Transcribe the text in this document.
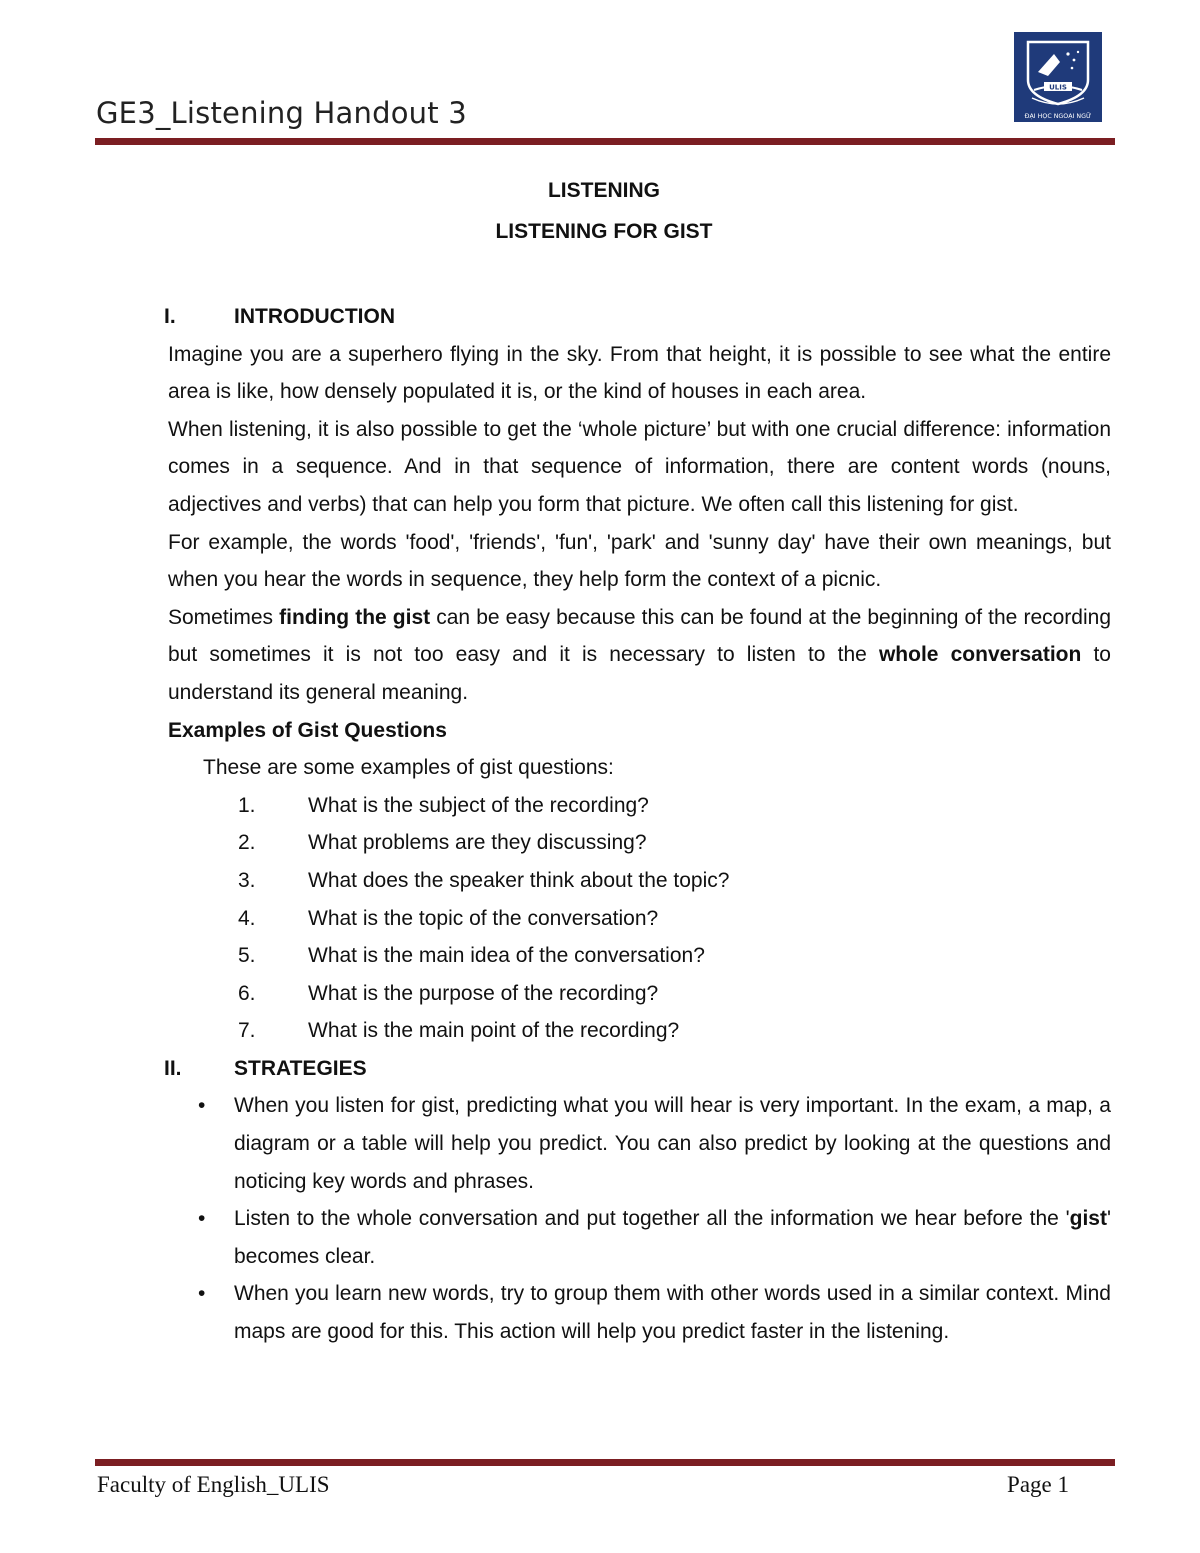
GE3_Listening Handout 3
ULIS
ĐẠI HỌC NGOẠI NGỮ
LISTENING
LISTENING FOR GIST
I.	INTRODUCTION

Imagine you are a superhero flying in the sky. From that height, it is possible to see what the entire area is like, how densely populated it is, or the kind of houses in each area.

When listening, it is also possible to get the ‘whole picture’ but with one crucial difference: information comes in a sequence. And in that sequence of information, there are content words (nouns, adjectives and verbs) that can help you form that picture. We often call this listening for gist.

For example, the words 'food', 'friends', 'fun', 'park' and 'sunny day' have their own meanings, but when you hear the words in sequence, they help form the context of a picnic.

Sometimes finding the gist can be easy because this can be found at the beginning of the recording but sometimes it is not too easy and it is necessary to listen to the whole conversation to understand its general meaning.

Examples of Gist Questions
These are some examples of gist questions:
1.	What is the subject of the recording?
2.	What problems are they discussing?
3.	What does the speaker think about the topic?
4.	What is the topic of the conversation?
5.	What is the main idea of the conversation?
6.	What is the purpose of the recording?
7.	What is the main point of the recording?
II. STRATEGIES
• When you listen for gist, predicting what you will hear is very important. In the exam, a map, a diagram or a table will help you predict. You can also predict by looking at the questions and noticing key words and phrases.
• Listen to the whole conversation and put together all the information we hear before the 'gist' becomes clear.
• When you learn new words, try to group them with other words used in a similar context. Mind maps are good for this. This action will help you predict faster in the listening.
Faculty of English_ULIS	Page 1
